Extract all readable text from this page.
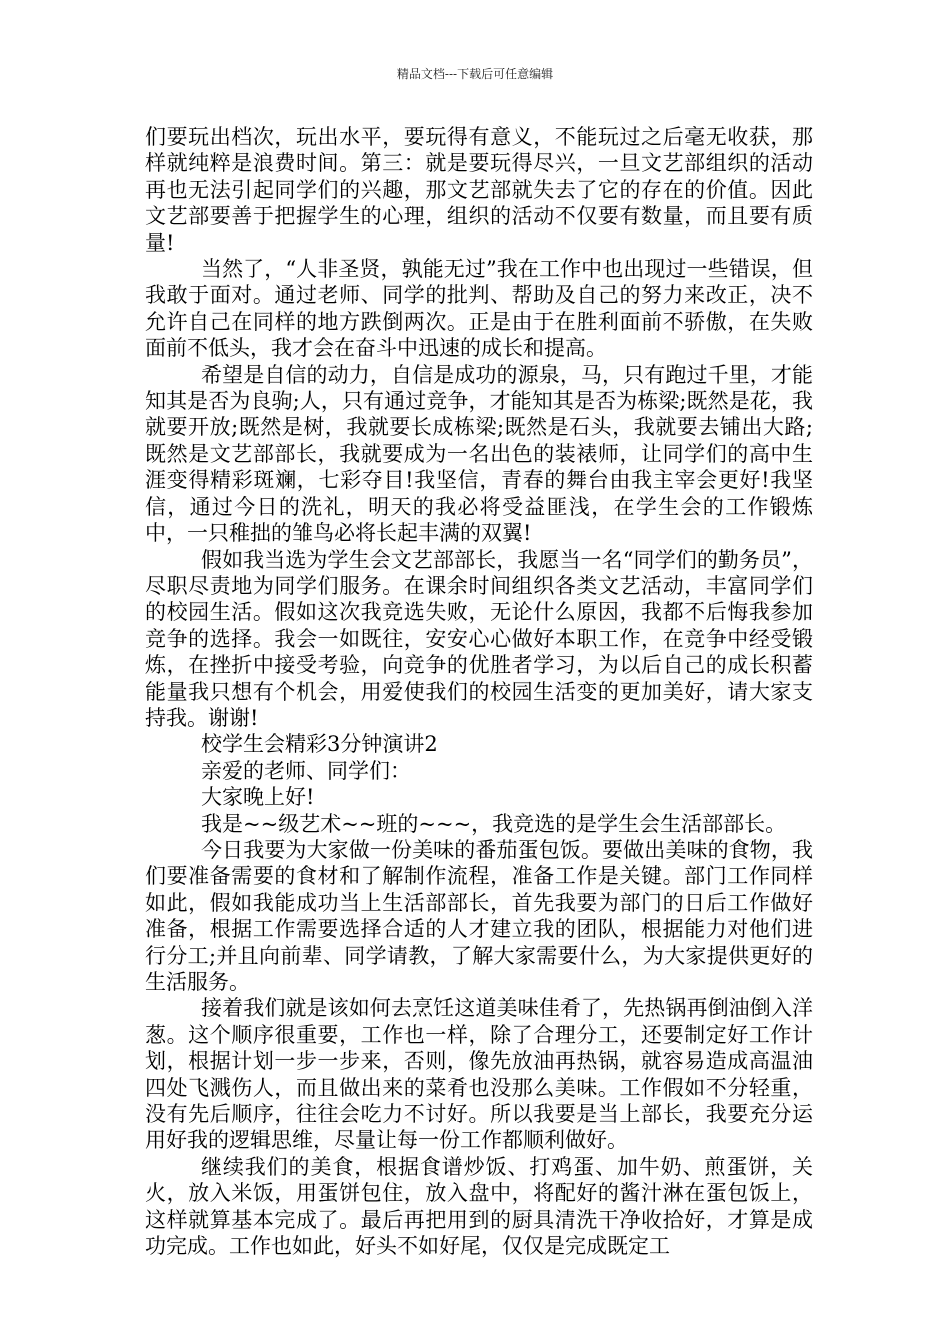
精品文档---下载后可任意编辑

们要玩出档次，玩出水平，要玩得有意义，不能玩过之后毫无收获，那样就纯粹是浪费时间。第三：就是要玩得尽兴，一旦文艺部组织的活动再也无法引起同学们的兴趣，那文艺部就失去了它的存在的价值。因此文艺部要善于把握学生的心理，组织的活动不仅要有数量，而且要有质量!

当然了，“人非圣贤，孰能无过”我在工作中也出现过一些错误，但我敢于面对。通过老师、同学的批判、帮助及自己的努力来改正，决不允许自己在同样的地方跌倒两次。正是由于在胜利面前不骄傲，在失败面前不低头，我才会在奋斗中迅速的成长和提高。

希望是自信的动力，自信是成功的源泉，马，只有跑过千里，才能知其是否为良驹;人，只有通过竞争，才能知其是否为栋梁;既然是花，我就要开放;既然是树，我就要长成栋梁;既然是石头，我就要去铺出大路;既然是文艺部部长，我就要成为一名出色的装裱师，让同学们的高中生涯变得精彩斑斓，七彩夺目!我坚信，青春的舞台由我主宰会更好!我坚信，通过今日的洗礼，明天的我必将受益匪浅，在学生会的工作锻炼中，一只稚拙的雏鸟必将长起丰满的双翼!

假如我当选为学生会文艺部部长，我愿当一名“同学们的勤务员”，尽职尽责地为同学们服务。在课余时间组织各类文艺活动，丰富同学们的校园生活。假如这次我竞选失败，无论什么原因，我都不后悔我参加竞争的选择。我会一如既往，安安心心做好本职工作，在竞争中经受锻炼，在挫折中接受考验，向竞争的优胜者学习，为以后自己的成长积蓄能量我只想有个机会，用爱使我们的校园生活变的更加美好，请大家支持我。谢谢!

校学生会精彩3分钟演讲2

亲爱的老师、同学们：

大家晚上好!

我是~~级艺术~~班的~~~，我竞选的是学生会生活部部长。

今日我要为大家做一份美味的番茄蛋包饭。要做出美味的食物，我们要准备需要的食材和了解制作流程，准备工作是关键。部门工作同样如此，假如我能成功当上生活部部长，首先我要为部门的日后工作做好准备，根据工作需要选择合适的人才建立我的团队，根据能力对他们进行分工;并且向前辈、同学请教，了解大家需要什么，为大家提供更好的生活服务。

接着我们就是该如何去烹饪这道美味佳肴了，先热锅再倒油倒入洋葱。这个顺序很重要，工作也一样，除了合理分工，还要制定好工作计划，根据计划一步一步来，否则，像先放油再热锅，就容易造成高温油四处飞溅伤人，而且做出来的菜肴也没那么美味。工作假如不分轻重，没有先后顺序，往往会吃力不讨好。所以我要是当上部长，我要充分运用好我的逻辑思维，尽量让每一份工作都顺利做好。

继续我们的美食，根据食谱炒饭、打鸡蛋、加牛奶、煎蛋饼，关火，放入米饭，用蛋饼包住，放入盘中，将配好的酱汁淋在蛋包饭上，这样就算基本完成了。最后再把用到的厨具清洗干净收拾好，才算是成功完成。工作也如此，好头不如好尾，仅仅是完成既定工
